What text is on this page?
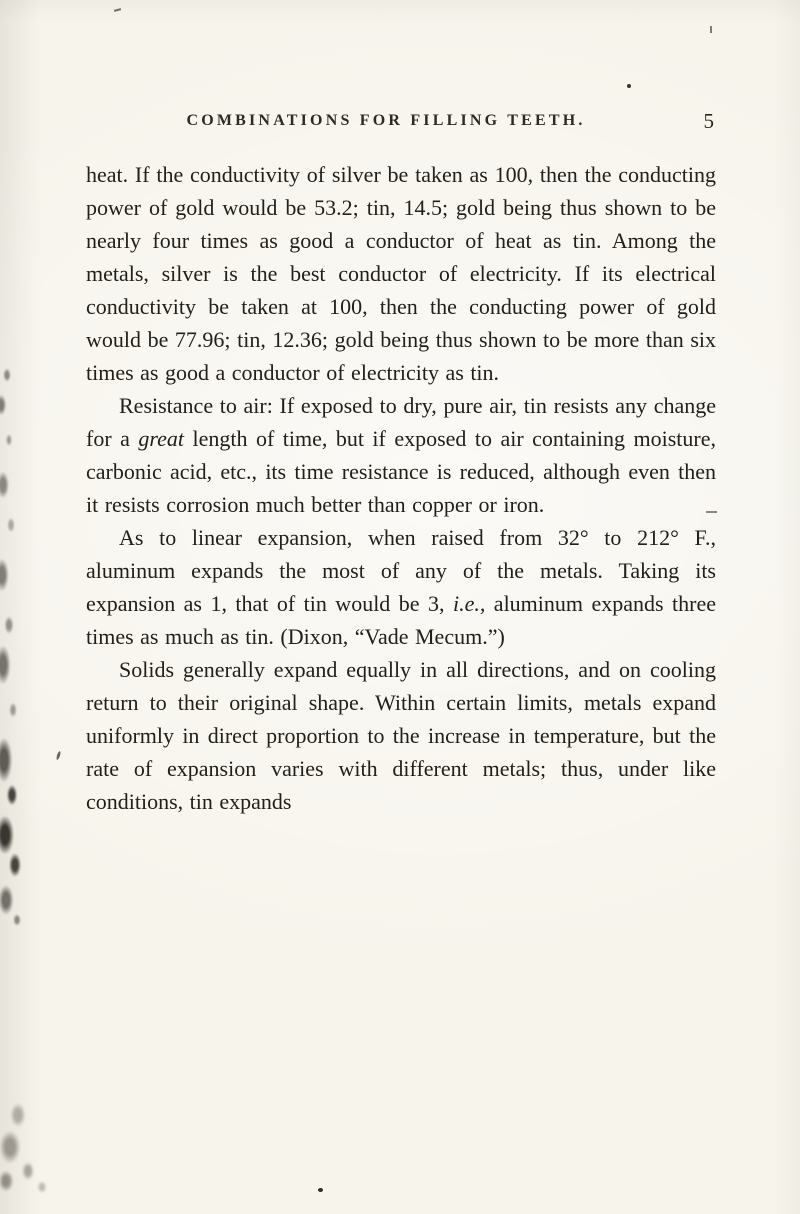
COMBINATIONS FOR FILLING TEETH.	5

heat. If the conductivity of silver be taken as 100, then the conducting power of gold would be 53.2; tin, 14.5; gold being thus shown to be nearly four times as good a conductor of heat as tin. Among the metals, silver is the best conductor of electricity. If its electrical conductivity be taken at 100, then the conducting power of gold would be 77.96; tin, 12.36; gold being thus shown to be more than six times as good a conductor of electricity as tin.

Resistance to air: If exposed to dry, pure air, tin resists any change for a great length of time, but if exposed to air containing moisture, carbonic acid, etc., its time resistance is reduced, although even then it resists corrosion much better than copper or iron.

As to linear expansion, when raised from 32° to 212° F., aluminum expands the most of any of the metals. Taking its expansion as 1, that of tin would be 3, i.e., aluminum expands three times as much as tin. (Dixon, “Vade Mecum.”)

Solids generally expand equally in all directions, and on cooling return to their original shape. Within certain limits, metals expand uniformly in direct proportion to the increase in temperature, but the rate of expansion varies with different metals; thus, under like conditions, tin expands
